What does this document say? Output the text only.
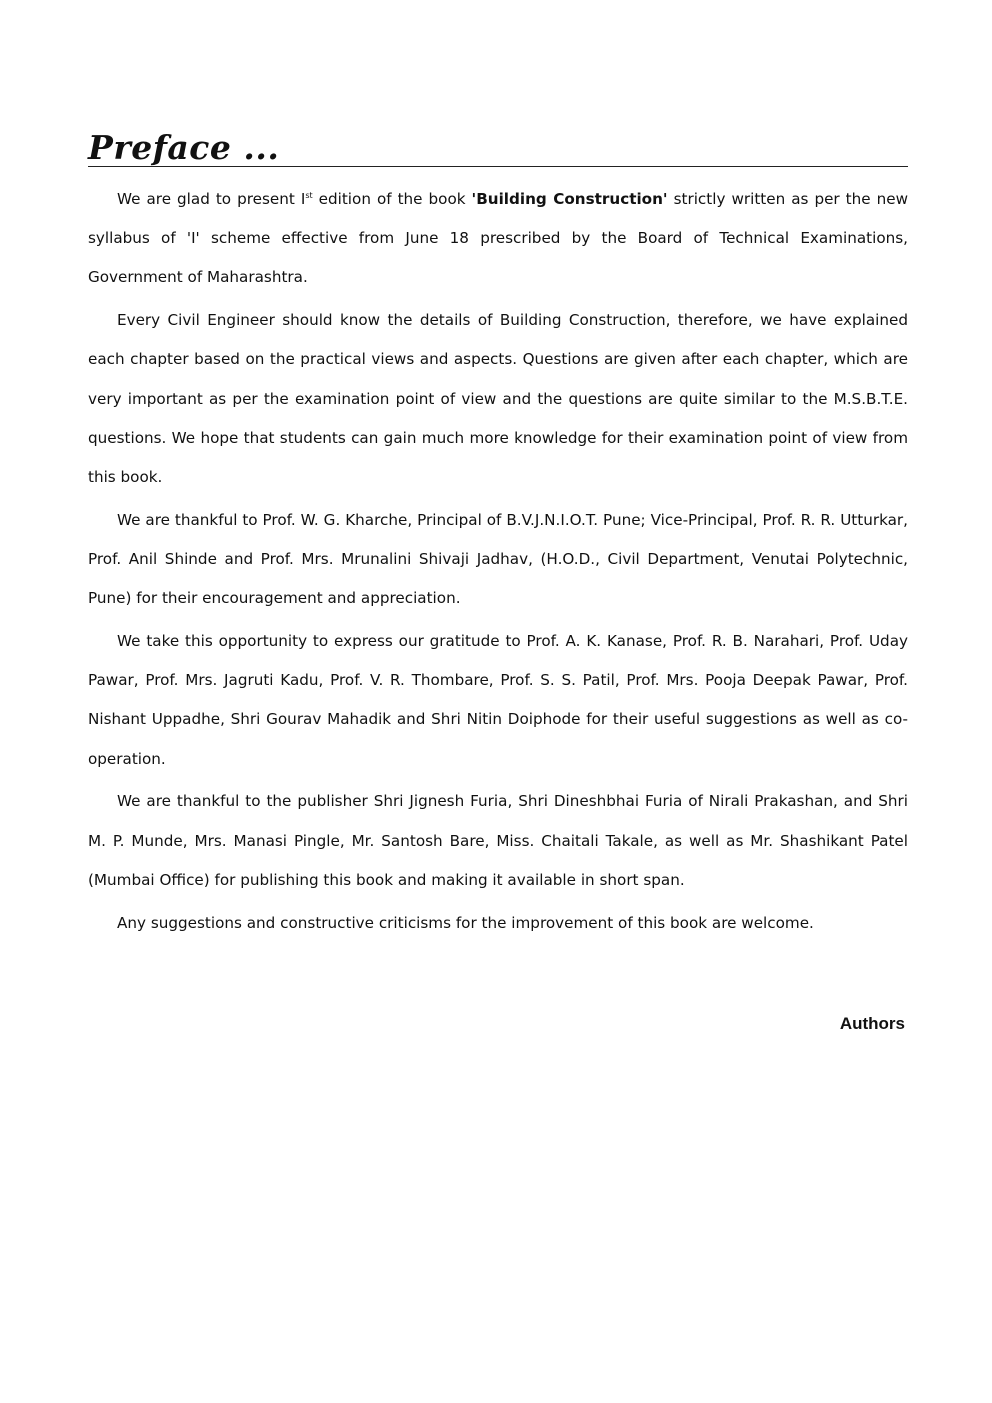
Preface ...

We are glad to present Ist edition of the book 'Building Construction' strictly written as per the new syllabus of 'I' scheme effective from June 18 prescribed by the Board of Technical Examinations, Government of Maharashtra.

Every Civil Engineer should know the details of Building Construction, therefore, we have explained each chapter based on the practical views and aspects. Questions are given after each chapter, which are very important as per the examination point of view and the questions are quite similar to the M.S.B.T.E. questions. We hope that students can gain much more knowledge for their examination point of view from this book.

We are thankful to Prof. W. G. Kharche, Principal of B.V.J.N.I.O.T. Pune; Vice-Principal, Prof. R. R. Utturkar, Prof. Anil Shinde and Prof. Mrs. Mrunalini Shivaji Jadhav, (H.O.D., Civil Department, Venutai Polytechnic, Pune) for their encouragement and appreciation.

We take this opportunity to express our gratitude to Prof. A. K. Kanase, Prof. R. B. Narahari, Prof. Uday Pawar, Prof. Mrs. Jagruti Kadu, Prof. V. R. Thombare, Prof. S. S. Patil, Prof. Mrs. Pooja Deepak Pawar, Prof. Nishant Uppadhe, Shri Gourav Mahadik and Shri Nitin Doiphode for their useful suggestions as well as co-operation.

We are thankful to the publisher Shri Jignesh Furia, Shri Dineshbhai Furia of Nirali Prakashan, and Shri M. P. Munde, Mrs. Manasi Pingle, Mr. Santosh Bare, Miss. Chaitali Takale, as well as Mr. Shashikant Patel (Mumbai Office) for publishing this book and making it available in short span.

Any suggestions and constructive criticisms for the improvement of this book are welcome.

Authors
